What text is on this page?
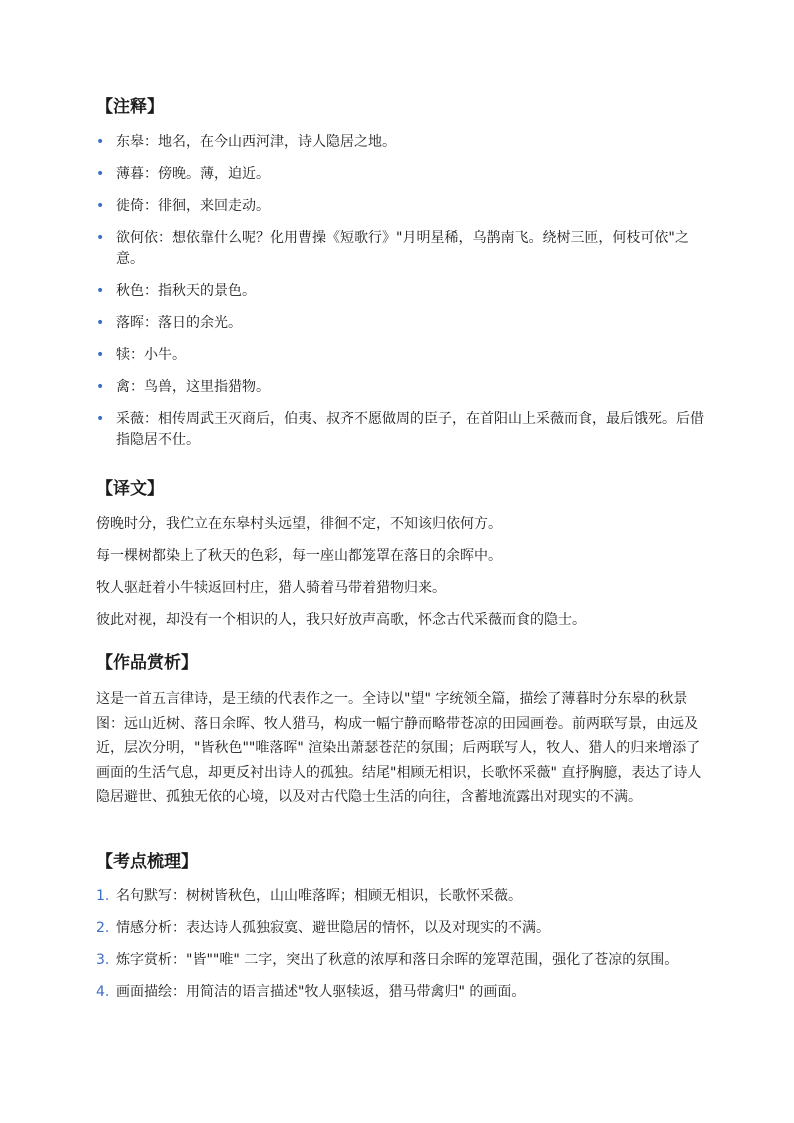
【注释】
• 东皋：地名，在今山西河津，诗人隐居之地。
• 薄暮：傍晚。薄，迫近。
• 徙倚：徘徊，来回走动。
• 欲何依：想依靠什么呢？化用曹操《短歌行》"月明星稀，乌鹊南飞。绕树三匝，何枝可依"之意。
• 秋色：指秋天的景色。
• 落晖：落日的余光。
• 犊：小牛。
• 禽：鸟兽，这里指猎物。
• 采薇：相传周武王灭商后，伯夷、叔齐不愿做周的臣子，在首阳山上采薇而食，最后饿死。后借指隐居不仕。
【译文】

傍晚时分，我伫立在东皋村头远望，徘徊不定，不知该归依何方。

每一棵树都染上了秋天的色彩，每一座山都笼罩在落日的余晖中。

牧人驱赶着小牛犊返回村庄，猎人骑着马带着猎物归来。

彼此对视，却没有一个相识的人，我只好放声高歌，怀念古代采薇而食的隐士。

【作品赏析】

这是一首五言律诗，是王绩的代表作之一。全诗以"望" 字统领全篇，描绘了薄暮时分东皋的秋景图：远山近树、落日余晖、牧人猎马，构成一幅宁静而略带苍凉的田园画卷。前两联写景，由远及近，层次分明，"皆秋色""唯落晖" 渲染出萧瑟苍茫的氛围；后两联写人，牧人、猎人的归来增添了画面的生活气息，却更反衬出诗人的孤独。结尾"相顾无相识，长歌怀采薇" 直抒胸臆，表达了诗人隐居避世、孤独无依的心境，以及对古代隐士生活的向往，含蓄地流露出对现实的不满。

【考点梳理】
1. 名句默写：树树皆秋色，山山唯落晖；相顾无相识，长歌怀采薇。
2. 情感分析：表达诗人孤独寂寞、避世隐居的情怀，以及对现实的不满。
3. 炼字赏析："皆""唯" 二字，突出了秋意的浓厚和落日余晖的笼罩范围，强化了苍凉的氛围。
4. 画面描绘：用简洁的语言描述"牧人驱犊返，猎马带禽归" 的画面。
